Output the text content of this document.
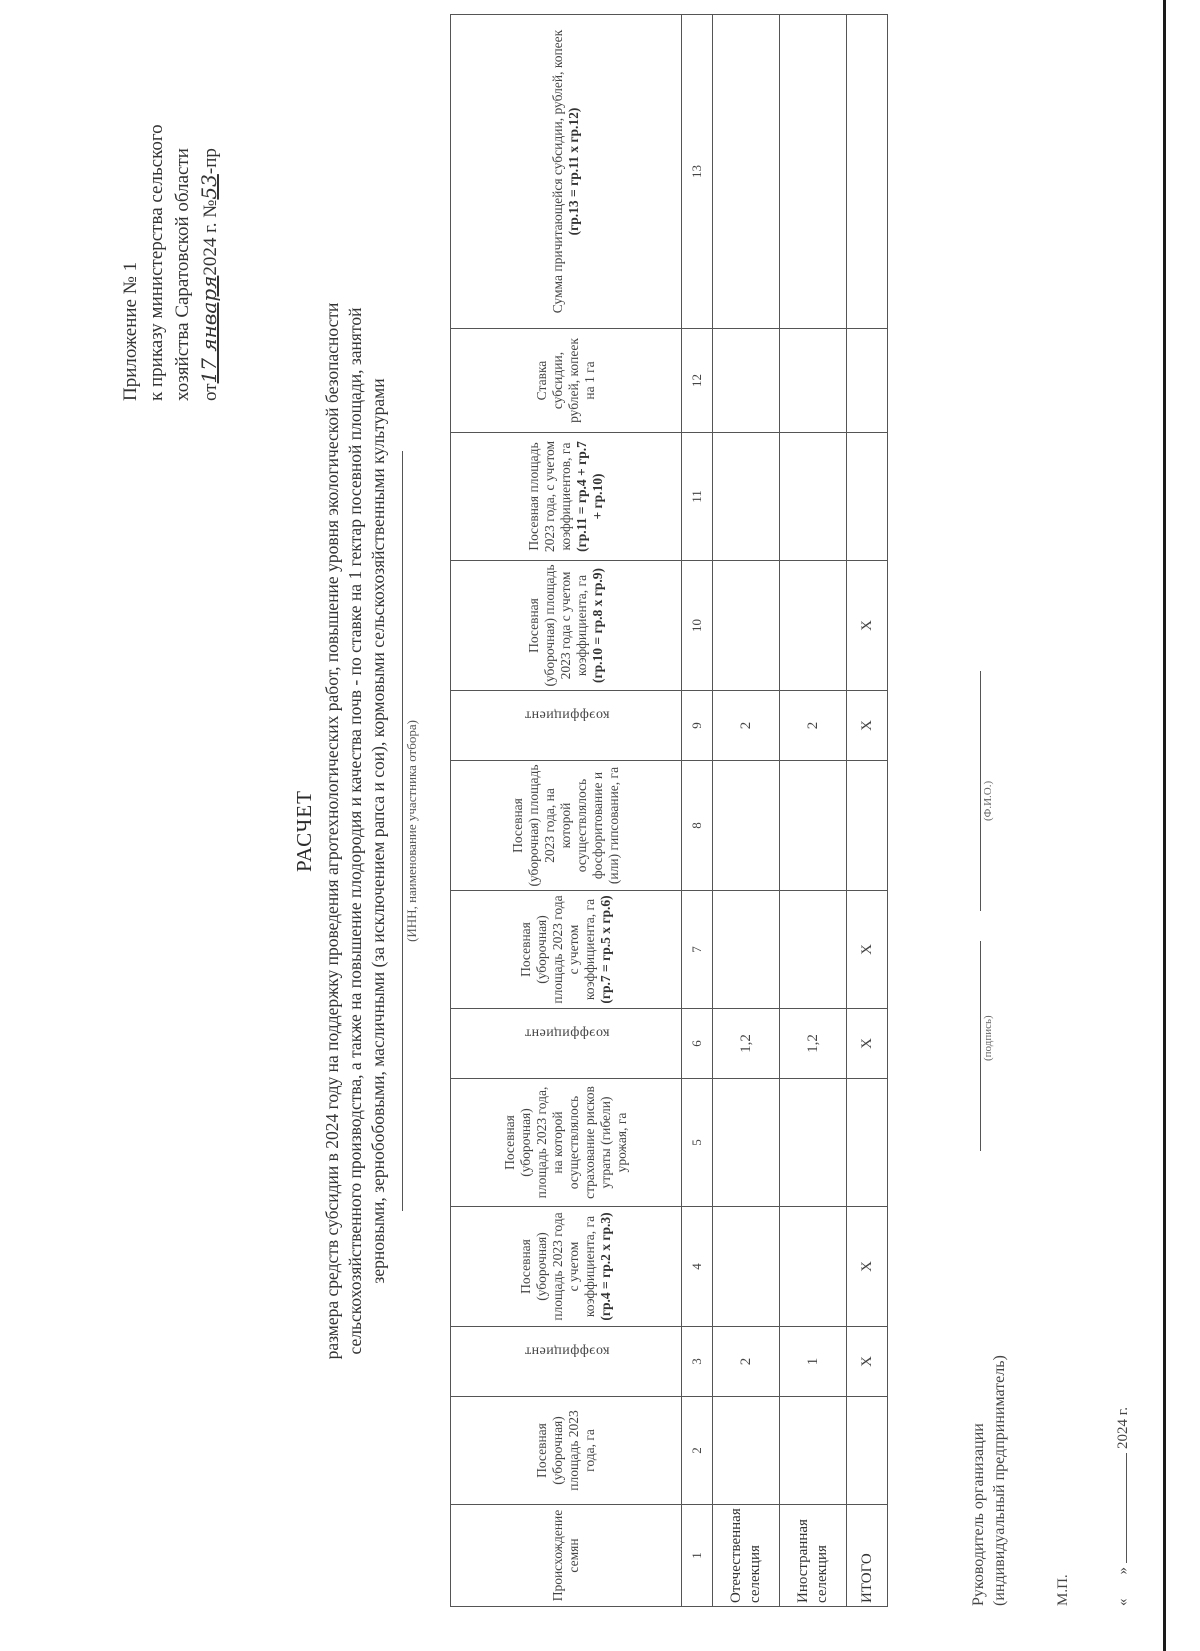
Приложение № 1 к приказу министерства сельского хозяйства Саратовской области от17 января2024 г. №53-пр
РАСЧЕТ размера средств субсидии в 2024 году на поддержку проведения агротехнологических работ, повышение уровня экологической безопасности сельскохозяйственного производства, а также на повышение плодородия и качества почв - по ставке на 1 гектар посевной площади, занятой зерновыми, зернобобовыми, масличными (за исключением рапса и сои), кормовыми сельскохозяйственными культурами (ИНН, наименование участника отбора)
Происхождение семян	Посевная (уборочная) площадь 2023 года, га	коэффициент	Посевная (уборочная) площадь 2023 года с учетом коэффициента, га (гр.4 = гр.2 х гр.3)	Посевная (уборочная) площадь 2023 года, на которой осуществлялось страхование рисков утраты (гибели) урожая, га	коэффициент	Посевная (уборочная) площадь 2023 года с учетом коэффициента, га (гр.7 = гр.5 х гр.6)	Посевная (уборочная) площадь 2023 года, на которой осуществлялось фосфоритование и (или) гипсование, га	коэффициент	Посевная (уборочная) площадь 2023 года с учетом коэффициента, га (гр.10 = гр.8 х гр.9)	Посевная площадь 2023 года, с учетом коэффициентов, га (гр.11 = гр.4 + гр.7 + гр.10)	Ставка субсидии, рублей, копеек на 1 га	Сумма причитающейся субсидии, рублей, копеек (гр.13 = гр.11 х гр.12)
1	2	3	4	5	6	7	8	9	10	11	12	13
Отечественная селекция		2			1,2			2				
Иностранная селекция		1			1,2			2				
ИТОГО		Х	Х		Х	Х		Х	Х			
Руководитель организации (индивидуальный предприниматель)
(подпись)
(Ф.И.О.)
М.П.	«»2024 г.
